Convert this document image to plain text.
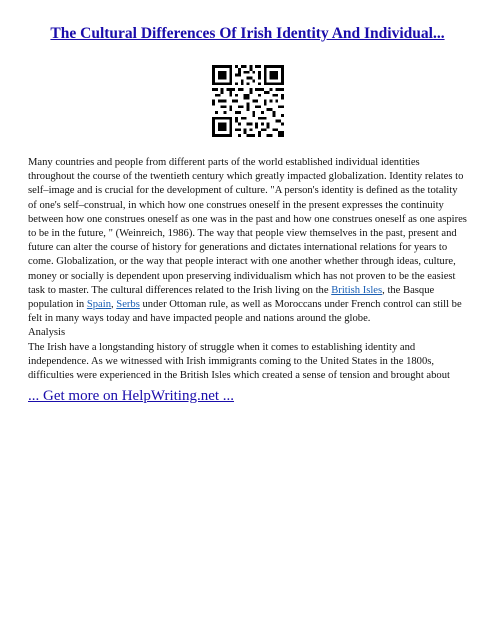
The Cultural Differences Of Irish Identity And Individual...

Many countries and people from different parts of the world established individual identities throughout the course of the twentieth century which greatly impacted globalization. Identity relates to self–image and is crucial for the development of culture. "A person's identity is defined as the totality of one's self–construal, in which how one construes oneself in the present expresses the continuity between how one construes oneself as one was in the past and how one construes oneself as one aspires to be in the future, " (Weinreich, 1986). The way that people view themselves in the past, present and future can alter the course of history for generations and dictates international relations for years to come. Globalization, or the way that people interact with one another whether through ideas, culture, money or socially is dependent upon preserving individualism which has not proven to be the easiest task to master. The cultural differences related to the Irish living on the British Isles, the Basque population in Spain, Serbs under Ottoman rule, as well as Moroccans under French control can still be felt in many ways today and have impacted people and nations around the globe.

Analysis

The Irish have a longstanding history of struggle when it comes to establishing identity and independence. As we witnessed with Irish immigrants coming to the United States in the 1800s, difficulties were experienced in the British Isles which created a sense of tension and brought about

... Get more on HelpWriting.net ...
